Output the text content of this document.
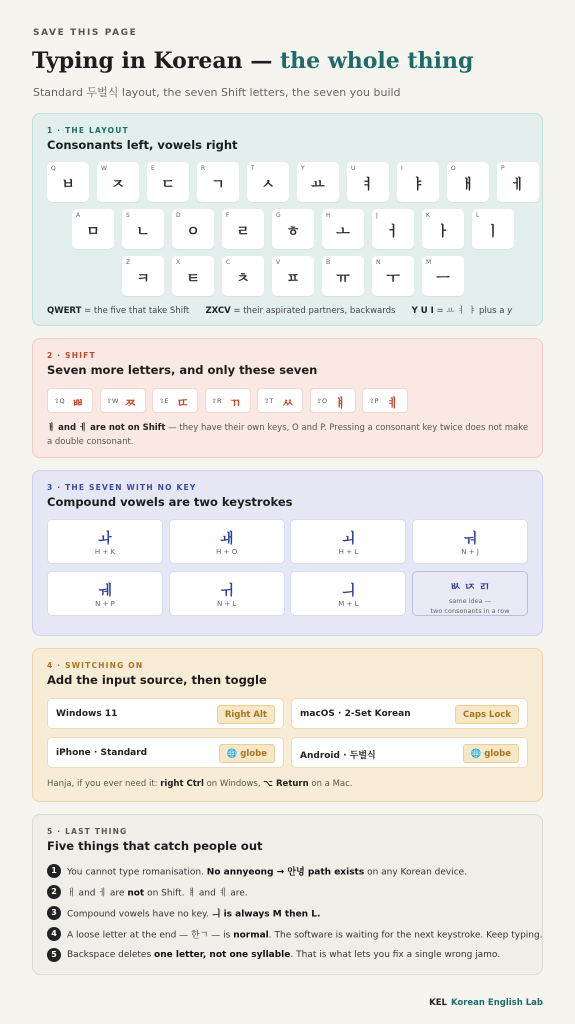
SAVE THIS PAGE
Typing in Korean — the whole thing
Standard 두벌식 layout, the seven Shift letters, the seven you build
1 · THE LAYOUT
Consonants left, vowels right
Q
ㅂ
W
ㅈ
E
ㄷ
R
ㄱ
T
ㅅ
Y
ㅛ
U
ㅕ
I
ㅑ
O
ㅐ
P
ㅔ
A
ㅁ
S
ㄴ
D
ㅇ
F
ㄹ
G
ㅎ
H
ㅗ
J
ㅓ
K
ㅏ
L
ㅣ
Z
ㅋ
X
ㅌ
C
ㅊ
V
ㅍ
B
ㅠ
N
ㅜ
M
ㅡ
QWERT = the five that take Shift ZXCV = their aspirated partners, backwards Y U I = ㅛ ㅕ ㅑ plus a y
2 · SHIFT
Seven more letters, and only these seven
⇧Q ㅃ	⇧W ㅉ	⇧E ㄸ	⇧R ㄲ	⇧T ㅆ	⇧O ㅒ	⇧P ㅖ
ㅐ and ㅔ are not on Shift — they have their own keys, O and P. Pressing a consonant key twice does not make a double consonant.
3 · THE SEVEN WITH NO KEY
Compound vowels are two keystrokes
ㅘ
H + K
ㅙ
H + O
ㅚ
H + L
ㅝ
N + J
ㅞ
N + P
ㅟ
N + L
ㅢ
M + L
ㅄ ㄵ ㄺ
same idea —
two consonants in a row
4 · SWITCHING ON
Add the input source, then toggle
Windows 11	Right Alt	macOS · 2-Set Korean	Caps Lock
iPhone · Standard	🌐 globe	Android · 두벌식	🌐 globe
Hanja, if you ever need it: right Ctrl on Windows, ⌥ Return on a Mac.
5 · LAST THING
Five things that catch people out
1 You cannot type romanisation. No annyeong → 안녕 path exists on any Korean device.
2 ㅐ and ㅔ are not on Shift. ㅒ and ㅖ are.
3 Compound vowels have no key. ㅢ is always M then L.
4 A loose letter at the end — 한ㄱ — is normal. The software is waiting for the next keystroke. Keep typing.
5 Backspace deletes one letter, not one syllable. That is what lets you fix a single wrong jamo.
KEL Korean English Lab
